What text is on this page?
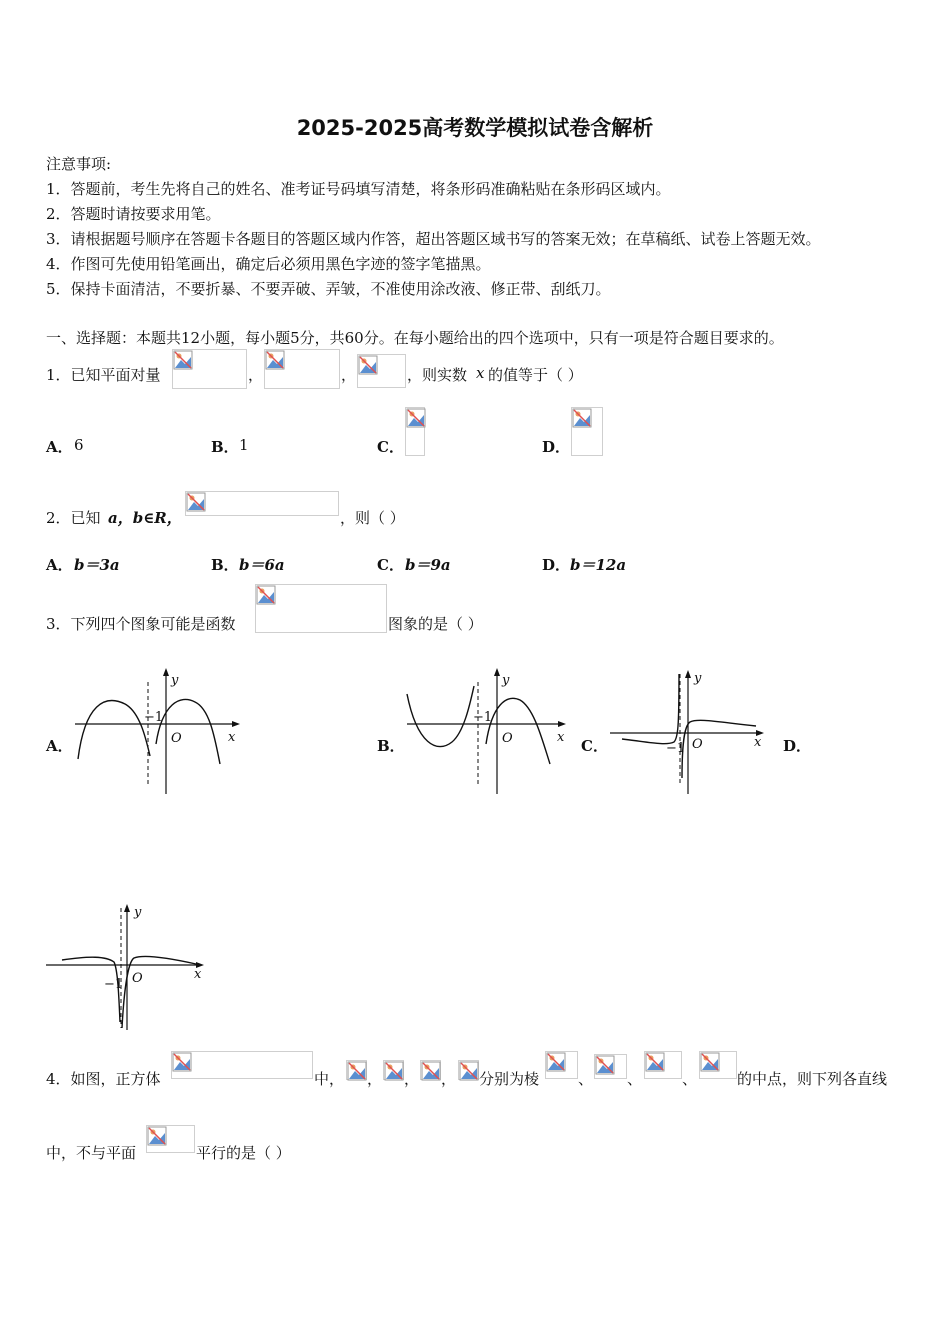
2025-2025高考数学模拟试卷含解析
注意事项:
1．答题前，考生先将自己的姓名、准考证号码填写清楚，将条形码准确粘贴在条形码区域内。
2．答题时请按要求用笔。
3．请根据题号顺序在答题卡各题目的答题区域内作答，超出答题区域书写的答案无效；在草稿纸、试卷上答题无效。
4．作图可先使用铅笔画出，确定后必须用黑色字迹的签字笔描黑。
5．保持卡面清洁，不要折暴、不要弄破、弄皱，不准使用涂改液、修正带、刮纸刀。
一、选择题：本题共12小题，每小题5分，共60分。在每小题给出的四个选项中，只有一项是符合题目要求的。
1．已知平面对量	，	，	，则实数 x 的值等于（ ）
A． 6	B． 1	C．	D．
2．已知 a，b∈R，	，则（ ）
A． b＝3a	B． b＝6a	C． b＝9a	D． b＝12a
3．下列四个图象可能是函数	图象的是（ ）
A．	B．	C．	D．
y
x
O
−1
y
x
O
−1
y
x
O
−1
y
x
O
−1
4．如图，正方体	中， ， ， ， 分别为棱	、 、	、	的中点，则下列各直线
中，不与平面	平行的是（ ）
